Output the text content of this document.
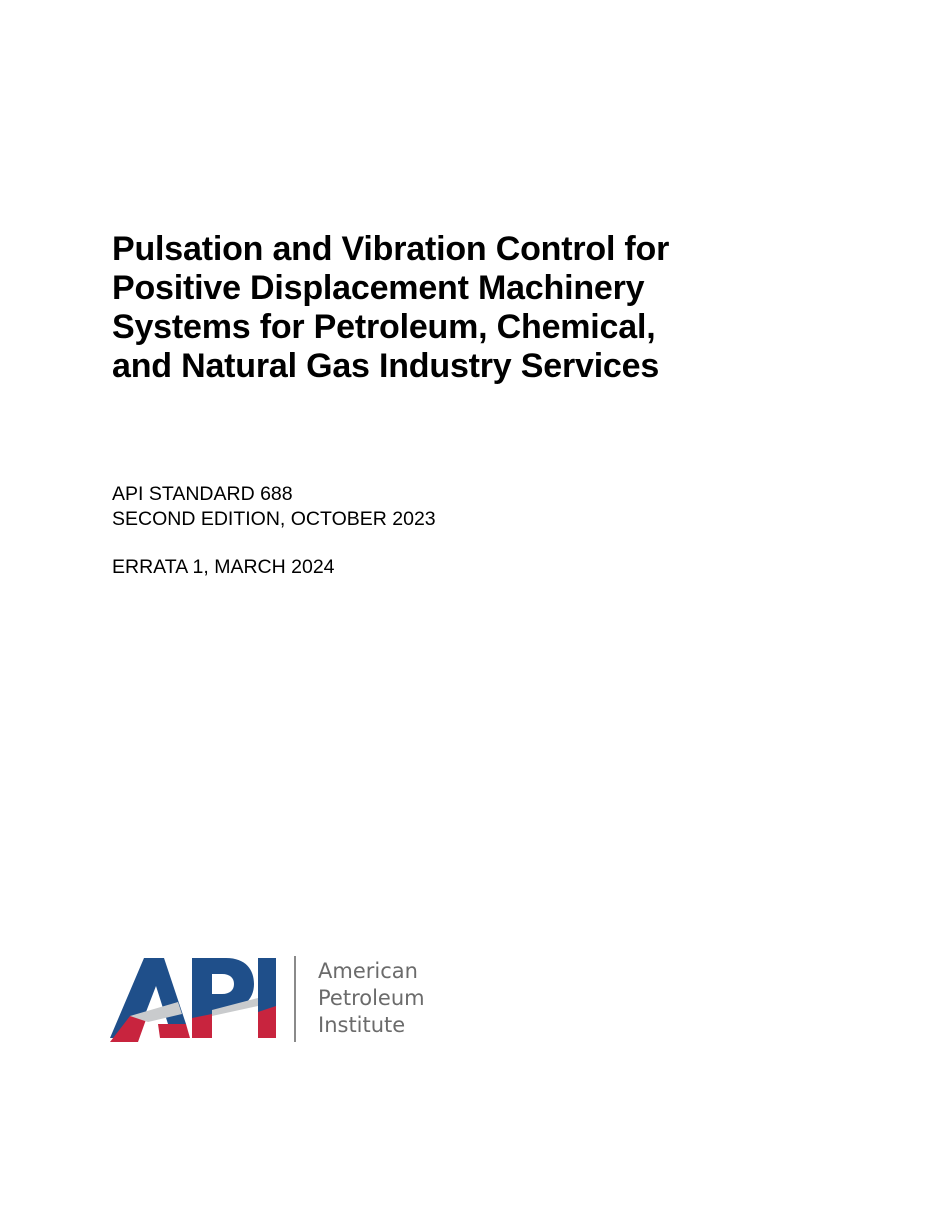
Pulsation and Vibration Control for
Positive Displacement Machinery
Systems for Petroleum, Chemical,
and Natural Gas Industry Services
API STANDARD 688
SECOND EDITION, OCTOBER 2023
ERRATA 1, MARCH 2024
American
Petroleum
Institute
